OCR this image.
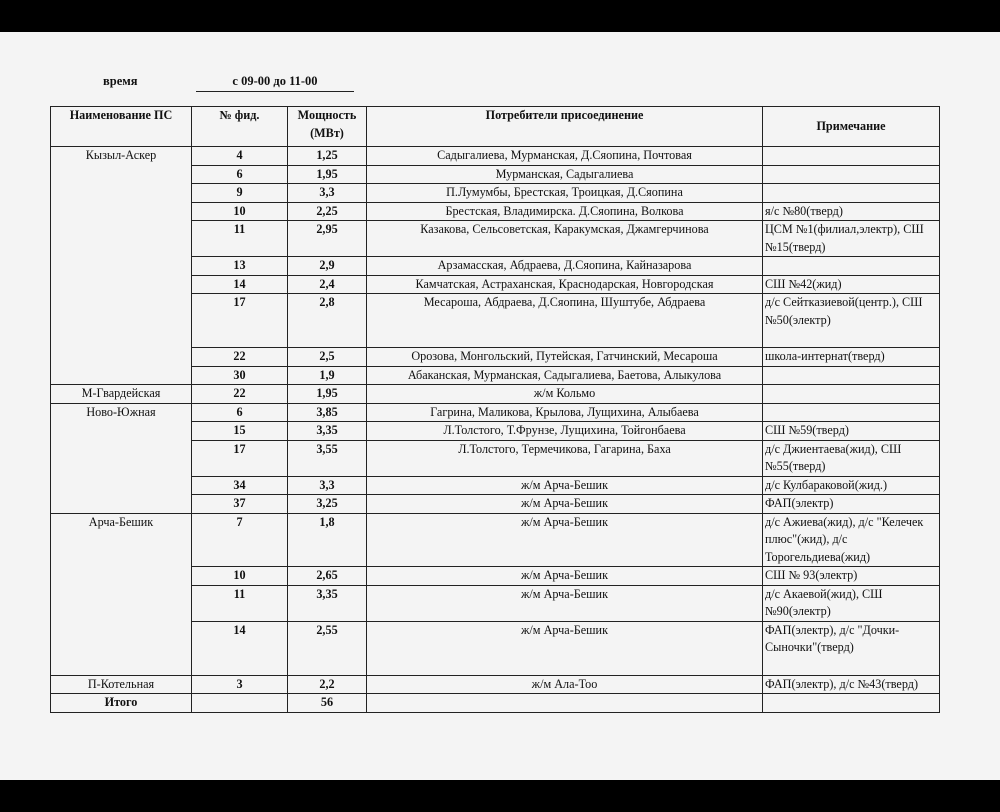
время	с 09-00 до 11-00
Наименование ПС	№ фид.	Мощность (МВт)	Потребители присоединение	Примечание
Кызыл-Аскер	4	1,25	Садыгалиева, Мурманская, Д.Сяопина, Почтовая	
	6	1,95	Мурманская, Садыгалиева	
	9	3,3	П.Лумумбы, Брестская, Троицкая, Д.Сяопина	
	10	2,25	Брестская, Владимирска. Д.Сяопина, Волкова	я/с №80(тверд)
	11	2,95	Казакова, Сельсоветская, Каракумская, Джамгерчинова	ЦСМ №1(филиал,электр), СШ №15(тверд)
	13	2,9	Арзамасская, Абдраева, Д.Сяопина, Кайназарова	
	14	2,4	Камчатская, Астраханская, Краснодарская, Новгородская	СШ №42(жид)
	17	2,8	Месароша, Абдраева, Д.Сяопина, Шуштубе, Абдраева	д/с Сейтказиевой(центр.), СШ №50(электр)
	22	2,5	Орозова, Монгольский, Путейская, Гатчинский, Месароша	школа-интернат(тверд)
	30	1,9	Абаканская, Мурманская, Садыгалиева, Баетова, Алыкулова	
М-Гвардейская	22	1,95	ж/м Кольмо	
Ново-Южная	6	3,85	Гагрина, Маликова, Крылова, Лущихина, Алыбаева	
	15	3,35	Л.Толстого, Т.Фрунзе, Лущихина, Тойгонбаева	СШ №59(тверд)
	17	3,55	Л.Толстого, Термечикова, Гагарина, Баха	д/с Джиентаева(жид), СШ №55(тверд)
	34	3,3	ж/м Арча-Бешик	д/с Кулбараковой(жид.)
	37	3,25	ж/м Арча-Бешик	ФАП(электр)
Арча-Бешик	7	1,8	ж/м Арча-Бешик	д/с Ажиева(жид), д/с "Келечек плюс"(жид), д/с Торогельдиева(жид)
	10	2,65	ж/м Арча-Бешик	СШ № 93(электр)
	11	3,35	ж/м Арча-Бешик	д/с Акаевой(жид), СШ №90(электр)
	14	2,55	ж/м Арча-Бешик	ФАП(электр), д/с "Дочки-Сыночки"(тверд)
П-Котельная	3	2,2	ж/м Ала-Тоо	ФАП(электр), д/с №43(тверд)
Итого		56		
